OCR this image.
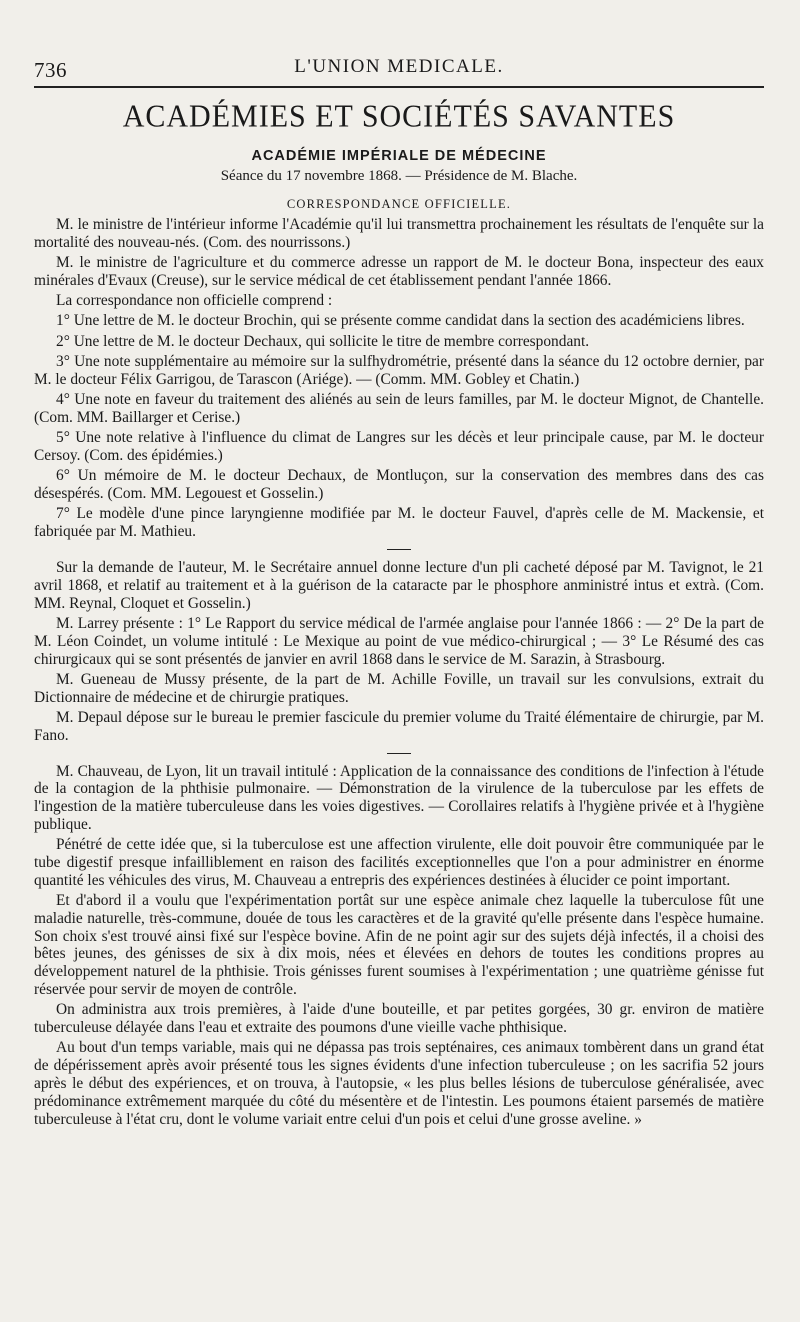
736	L'UNION MEDICALE.
ACADÉMIES ET SOCIÉTÉS SAVANTES
ACADÉMIE IMPÉRIALE DE MÉDECINE
Séance du 17 novembre 1868. — Présidence de M. Blache.
CORRESPONDANCE OFFICIELLE.

M. le ministre de l'intérieur informe l'Académie qu'il lui transmettra prochainement les résultats de l'enquête sur la mortalité des nouveau-nés. (Com. des nourrissons.)

M. le ministre de l'agriculture et du commerce adresse un rapport de M. le docteur Bona, inspecteur des eaux minérales d'Evaux (Creuse), sur le service médical de cet établissement pendant l'année 1866.

La correspondance non officielle comprend :

1° Une lettre de M. le docteur Brochin, qui se présente comme candidat dans la section des académiciens libres.

2° Une lettre de M. le docteur Dechaux, qui sollicite le titre de membre correspondant.

3° Une note supplémentaire au mémoire sur la sulfhydrométrie, présenté dans la séance du 12 octobre dernier, par M. le docteur Félix Garrigou, de Tarascon (Ariége). — (Comm. MM. Gobley et Chatin.)

4° Une note en faveur du traitement des aliénés au sein de leurs familles, par M. le docteur Mignot, de Chantelle. (Com. MM. Baillarger et Cerise.)

5° Une note relative à l'influence du climat de Langres sur les décès et leur principale cause, par M. le docteur Cersoy. (Com. des épidémies.)

6° Un mémoire de M. le docteur Dechaux, de Montluçon, sur la conservation des membres dans des cas désespérés. (Com. MM. Legouest et Gosselin.)

7° Le modèle d'une pince laryngienne modifiée par M. le docteur Fauvel, d'après celle de M. Mackensie, et fabriquée par M. Mathieu.

Sur la demande de l'auteur, M. le Secrétaire annuel donne lecture d'un pli cacheté déposé par M. Tavignot, le 21 avril 1868, et relatif au traitement et à la guérison de la cataracte par le phosphore anministré intus et extrà. (Com. MM. Reynal, Cloquet et Gosselin.)

M. Larrey présente : 1° Le Rapport du service médical de l'armée anglaise pour l'année 1866 : — 2° De la part de M. Léon Coindet, un volume intitulé : Le Mexique au point de vue médico-chirurgical ; — 3° Le Résumé des cas chirurgicaux qui se sont présentés de janvier en avril 1868 dans le service de M. Sarazin, à Strasbourg.

M. Gueneau de Mussy présente, de la part de M. Achille Foville, un travail sur les convulsions, extrait du Dictionnaire de médecine et de chirurgie pratiques.

M. Depaul dépose sur le bureau le premier fascicule du premier volume du Traité élémentaire de chirurgie, par M. Fano.

M. Chauveau, de Lyon, lit un travail intitulé : Application de la connaissance des conditions de l'infection à l'étude de la contagion de la phthisie pulmonaire. — Démonstration de la virulence de la tuberculose par les effets de l'ingestion de la matière tuberculeuse dans les voies digestives. — Corollaires relatifs à l'hygiène privée et à l'hygiène publique.

Pénétré de cette idée que, si la tuberculose est une affection virulente, elle doit pouvoir être communiquée par le tube digestif presque infailliblement en raison des facilités exceptionnelles que l'on a pour administrer en énorme quantité les véhicules des virus, M. Chauveau a entrepris des expériences destinées à élucider ce point important.

Et d'abord il a voulu que l'expérimentation portât sur une espèce animale chez laquelle la tuberculose fût une maladie naturelle, très-commune, douée de tous les caractères et de la gravité qu'elle présente dans l'espèce humaine. Son choix s'est trouvé ainsi fixé sur l'espèce bovine. Afin de ne point agir sur des sujets déjà infectés, il a choisi des bêtes jeunes, des génisses de six à dix mois, nées et élevées en dehors de toutes les conditions propres au développement naturel de la phthisie. Trois génisses furent soumises à l'expérimentation ; une quatrième génisse fut réservée pour servir de moyen de contrôle.

On administra aux trois premières, à l'aide d'une bouteille, et par petites gorgées, 30 gr. environ de matière tuberculeuse délayée dans l'eau et extraite des poumons d'une vieille vache phthisique.

Au bout d'un temps variable, mais qui ne dépassa pas trois septénaires, ces animaux tombèrent dans un grand état de dépérissement après avoir présenté tous les signes évidents d'une infection tuberculeuse ; on les sacrifia 52 jours après le début des expériences, et on trouva, à l'autopsie, « les plus belles lésions de tuberculose généralisée, avec prédominance extrêmement marquée du côté du mésentère et de l'intestin. Les poumons étaient parsemés de matière tuberculeuse à l'état cru, dont le volume variait entre celui d'un pois et celui d'une grosse aveline. »
